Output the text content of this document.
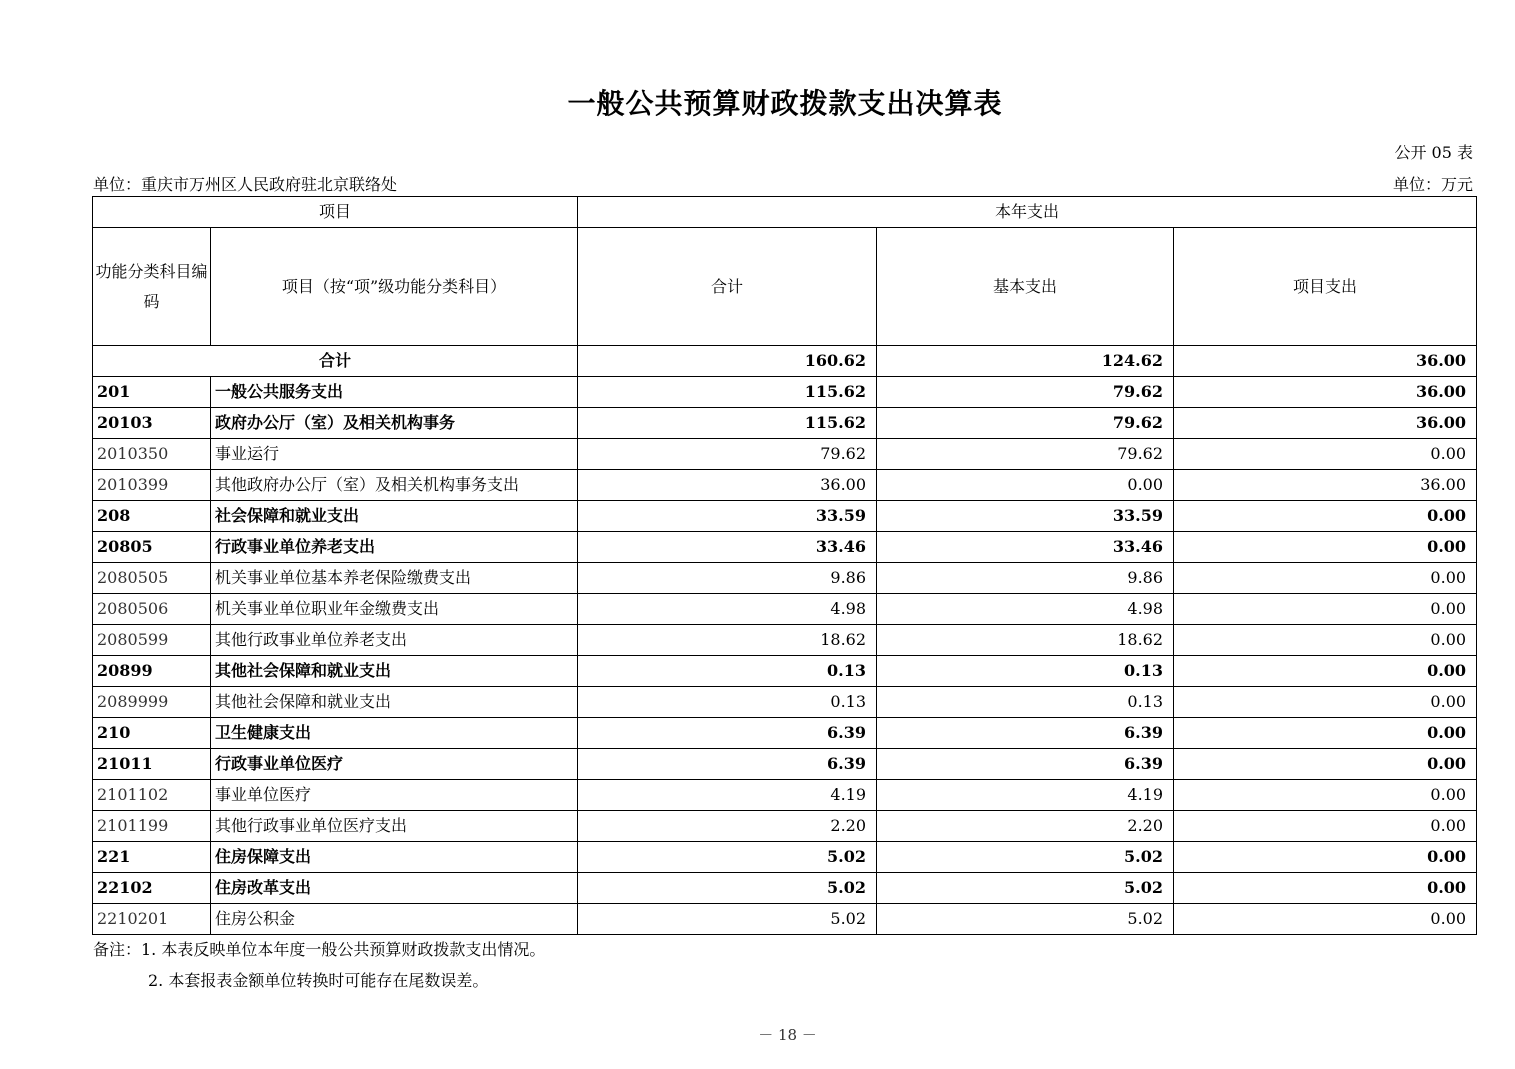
一般公共预算财政拨款支出决算表
公开 05 表
单位：重庆市万州区人民政府驻北京联络处	单位：万元
项目		本年支出		
功能分类科目编码	项目（按“项”级功能分类科目）	合计	基本支出	项目支出
合计		160.62	124.62	36.00
201	一般公共服务支出	115.62	79.62	36.00
20103	政府办公厅（室）及相关机构事务	115.62	79.62	36.00
2010350	事业运行	79.62	79.62	0.00
2010399	其他政府办公厅（室）及相关机构事务支出	36.00	0.00	36.00
208	社会保障和就业支出	33.59	33.59	0.00
20805	行政事业单位养老支出	33.46	33.46	0.00
2080505	机关事业单位基本养老保险缴费支出	9.86	9.86	0.00
2080506	机关事业单位职业年金缴费支出	4.98	4.98	0.00
2080599	其他行政事业单位养老支出	18.62	18.62	0.00
20899	其他社会保障和就业支出	0.13	0.13	0.00
2089999	其他社会保障和就业支出	0.13	0.13	0.00
210	卫生健康支出	6.39	6.39	0.00
21011	行政事业单位医疗	6.39	6.39	0.00
2101102	事业单位医疗	4.19	4.19	0.00
2101199	其他行政事业单位医疗支出	2.20	2.20	0.00
221	住房保障支出	5.02	5.02	0.00
22102	住房改革支出	5.02	5.02	0.00
2210201	住房公积金	5.02	5.02	0.00
备注：1. 本表反映单位本年度一般公共预算财政拨款支出情况。
2. 本套报表金额单位转换时可能存在尾数误差。
－ 18 －
